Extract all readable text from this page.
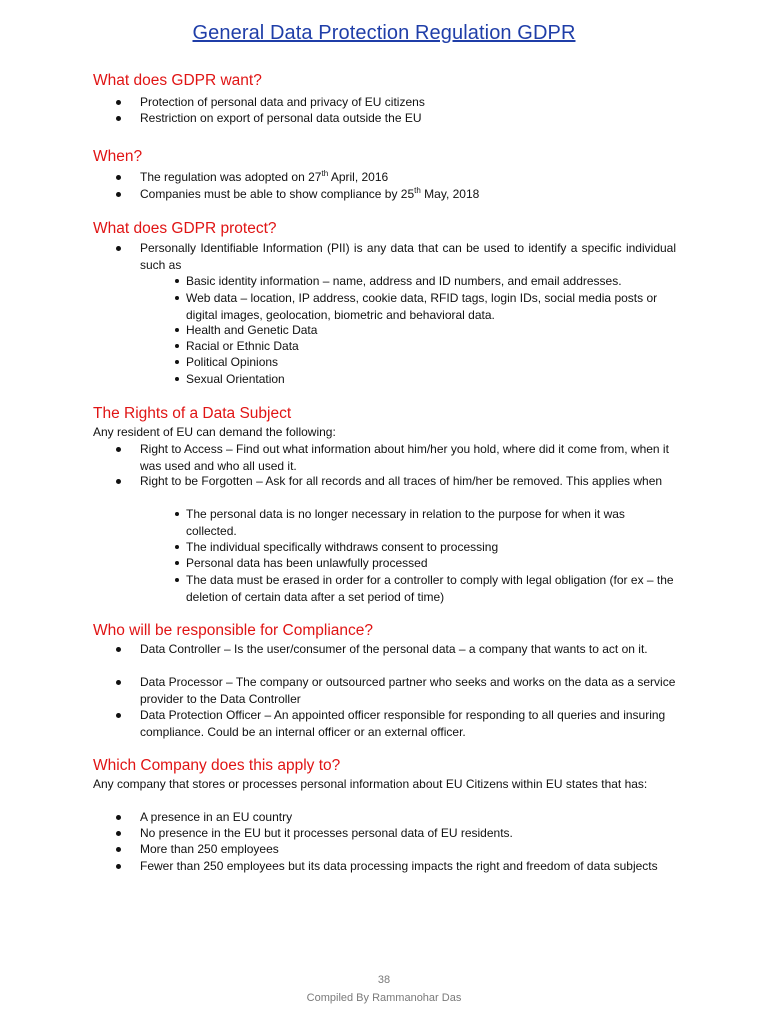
General Data Protection Regulation GDPR
What does GDPR want?
Protection of personal data and privacy of EU citizens
Restriction on export of personal data outside the EU
When?
The regulation was adopted on 27th April, 2016
Companies must be able to show compliance by 25th May, 2018
What does GDPR protect?
Personally Identifiable Information (PII) is any data that can be used to identify a specific individual such as
Basic identity information – name, address and ID numbers, and email addresses.
Web data – location, IP address, cookie data, RFID tags, login IDs, social media posts or digital images, geolocation, biometric and behavioral data.
Health and Genetic Data
Racial or Ethnic Data
Political Opinions
Sexual Orientation
The Rights of a Data Subject
Any resident of EU can demand the following:
Right to Access – Find out what information about him/her you hold, where did it come from, when it was used and who all used it.
Right to be Forgotten – Ask for all records and all traces of him/her be removed. This applies when
The personal data is no longer necessary in relation to the purpose for when it was collected.
The individual specifically withdraws consent to processing
Personal data has been unlawfully processed
The data must be erased in order for a controller to comply with legal obligation (for ex – the deletion of certain data after a set period of time)
Who will be responsible for Compliance?
Data Controller – Is the user/consumer of the personal data – a company that wants to act on it.
Data Processor – The company or outsourced partner who seeks and works on the data as a service provider to the Data Controller
Data Protection Officer – An appointed officer responsible for responding to all queries and insuring compliance. Could be an internal officer or an external officer.
Which Company does this apply to?
Any company that stores or processes personal information about EU Citizens within EU states that has:
A presence in an EU country
No presence in the EU but it processes personal data of EU residents.
More than 250 employees
Fewer than 250 employees but its data processing impacts the right and freedom of data subjects
38
Compiled By Rammanohar Das
